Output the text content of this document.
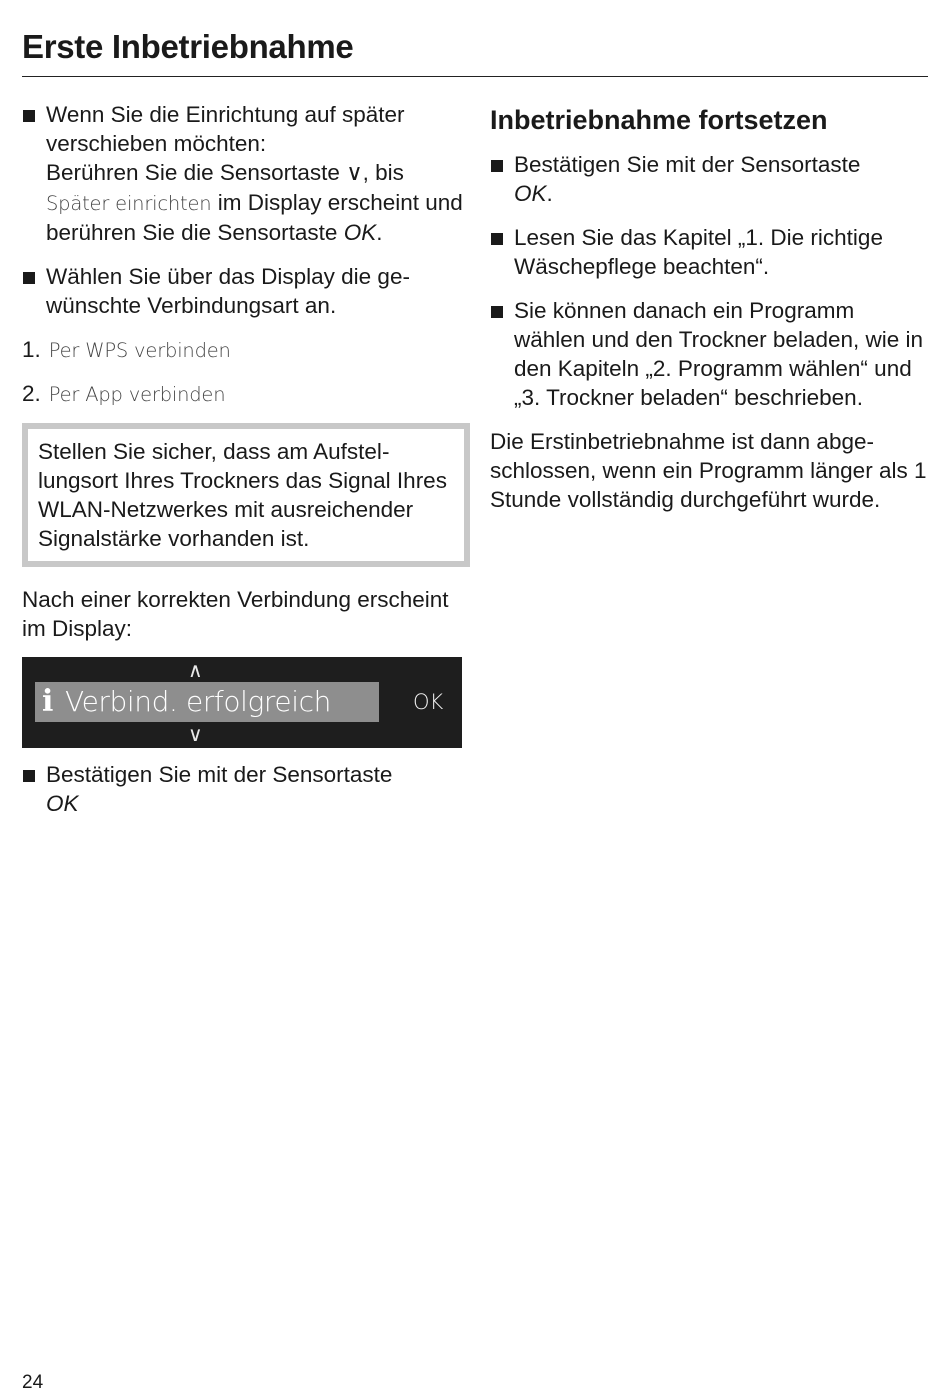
Erste Inbetriebnahme

Wenn Sie die Einrichtung auf später verschieben möchten:
Berühren Sie die Sensortaste ∨, bis
Später einrichten im Display erscheint und berühren Sie die Sensortaste OK.

Wählen Sie über das Display die gewünschte Verbindungsart an.

1. Per WPS verbinden
2. Per App verbinden

Stellen Sie sicher, dass am Aufstellungsort Ihres Trockners das Signal Ihres WLAN-Netzwerkes mit ausreichender Signalstärke vorhanden ist.

Nach einer korrekten Verbindung erscheint im Display:

∧
i Verbind. erfolgreich	OK
∨

Bestätigen Sie mit der Sensortaste
OK

Inbetriebnahme fortsetzen

Bestätigen Sie mit der Sensortaste
OK.

Lesen Sie das Kapitel „1. Die richtige Wäschepflege beachten“.

Sie können danach ein Programm wählen und den Trockner beladen, wie in den Kapiteln „2. Programm wählen“ und „3. Trockner beladen“ beschrieben.

Die Erstinbetriebnahme ist dann abgeschlossen, wenn ein Programm länger als 1 Stunde vollständig durchgeführt wurde.

24
